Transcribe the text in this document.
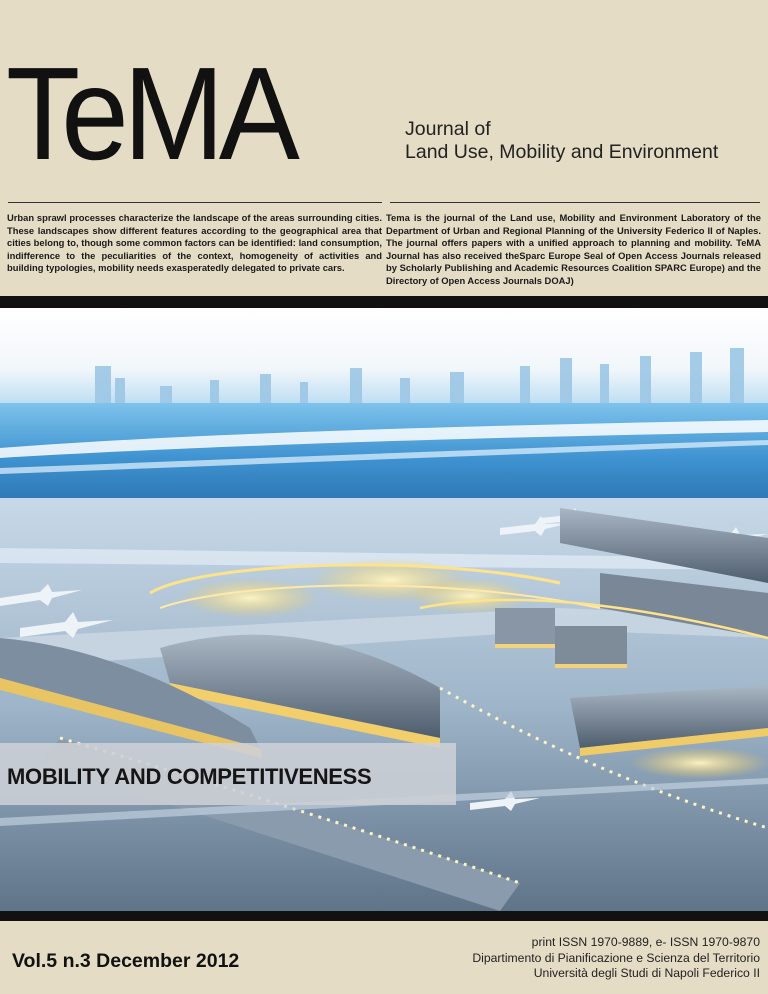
TeMA	Journal of
Land Use, Mobility and Environment
Urban sprawl processes characterize the landscape of the areas surrounding cities. These landscapes show different features according to the geographical area that cities belong to, though some common factors can be identified: land consumption, indifference to the peculiarities of the context, homogeneity of activities and building typologies, mobility needs exasperatedly delegated to private cars.
Tema is the journal of the Land use, Mobility and Environment Laboratory of the Department of Urban and Regional Planning of the University Federico II of Naples. The journal offers papers with a unified approach to planning and mobility. TeMA Journal has also received theSparc Europe Seal of Open Access Journals released by Scholarly Publishing and Academic Resources Coalition SPARC Europe) and the Directory of Open Access Journals DOAJ)
MOBILITY AND COMPETITIVENESS
Vol.5 n.3 December 2012
print ISSN 1970-9889, e- ISSN 1970-9870
Dipartimento di Pianificazione e Scienza del Territorio
Università degli Studi di Napoli Federico II
